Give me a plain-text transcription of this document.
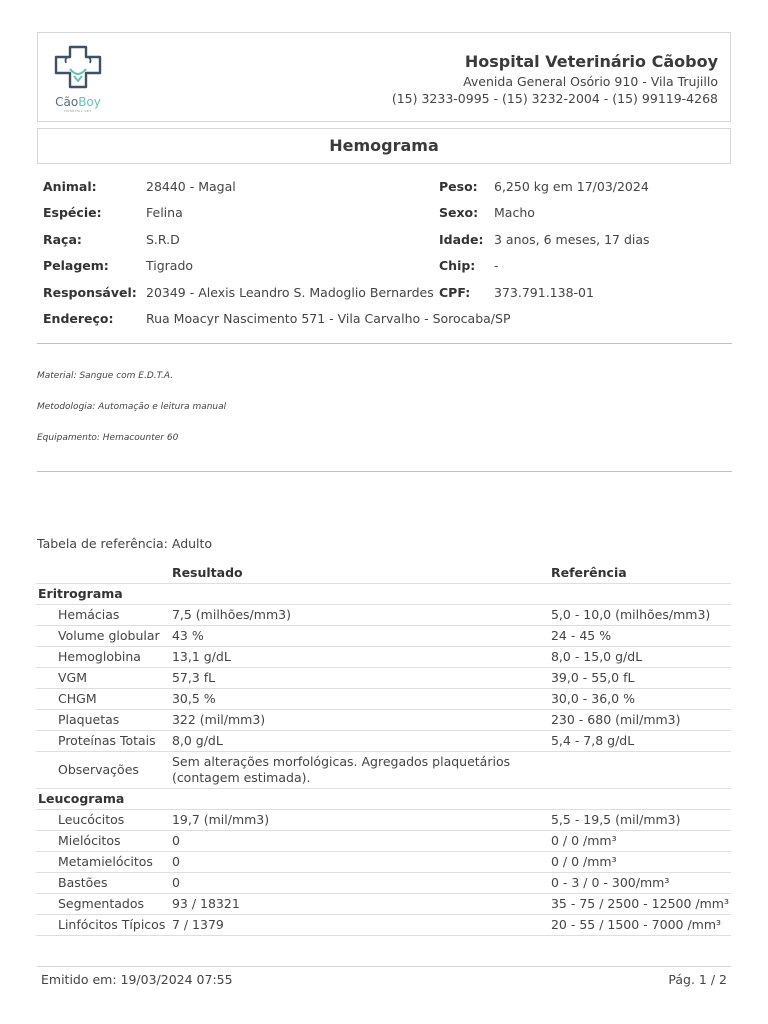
CãoBoy
HOSPITAL VET
Hospital Veterinário Cãoboy
Avenida General Osório 910 - Vila Trujillo
(15) 3233-0995 - (15) 3232-2004 - (15) 99119-4268
Hemograma
Animal:	28440 - Magal	Peso: 6,250 kg em 17/03/2024
Espécie:	Felina	Sexo: Macho
Raça:	S.R.D	Idade: 3 anos, 6 meses, 17 dias
Pelagem:	Tigrado	Chip: -
Responsável: 20349 - Alexis Leandro S. Madoglio Bernardes CPF: 373.791.138-01
Endereço:	Rua Moacyr Nascimento 571 - Vila Carvalho - Sorocaba/SP
Material: Sangue com E.D.T.A.
Metodologia: Automação e leitura manual
Equipamento: Hemacounter 60
Tabela de referência: Adulto
	Resultado	Referência
Eritrograma		
Hemácias	7,5 (milhões/mm3)	5,0 - 10,0 (milhões/mm3)
Volume globular	43 %	24 - 45 %
Hemoglobina	13,1 g/dL	8,0 - 15,0 g/dL
VGM	57,3 fL	39,0 - 55,0 fL
CHGM	30,5 %	30,0 - 36,0 %
Plaquetas	322 (mil/mm3)	230 - 680 (mil/mm3)
Proteínas Totais	8,0 g/dL	5,4 - 7,8 g/dL
Observações	Sem alterações morfológicas. Agregados plaquetários (contagem estimada).	
Leucograma		
Leucócitos	19,7 (mil/mm3)	5,5 - 19,5 (mil/mm3)
Mielócitos	0	0 / 0 /mm³
Metamielócitos	0	0 / 0 /mm³
Bastões	0	0 - 3 / 0 - 300/mm³
Segmentados	93 / 18321	35 - 75 / 2500 - 12500 /mm³
Linfócitos Típicos	7 / 1379	20 - 55 / 1500 - 7000 /mm³
Emitido em: 19/03/2024 07:55	Pág. 1 / 2
